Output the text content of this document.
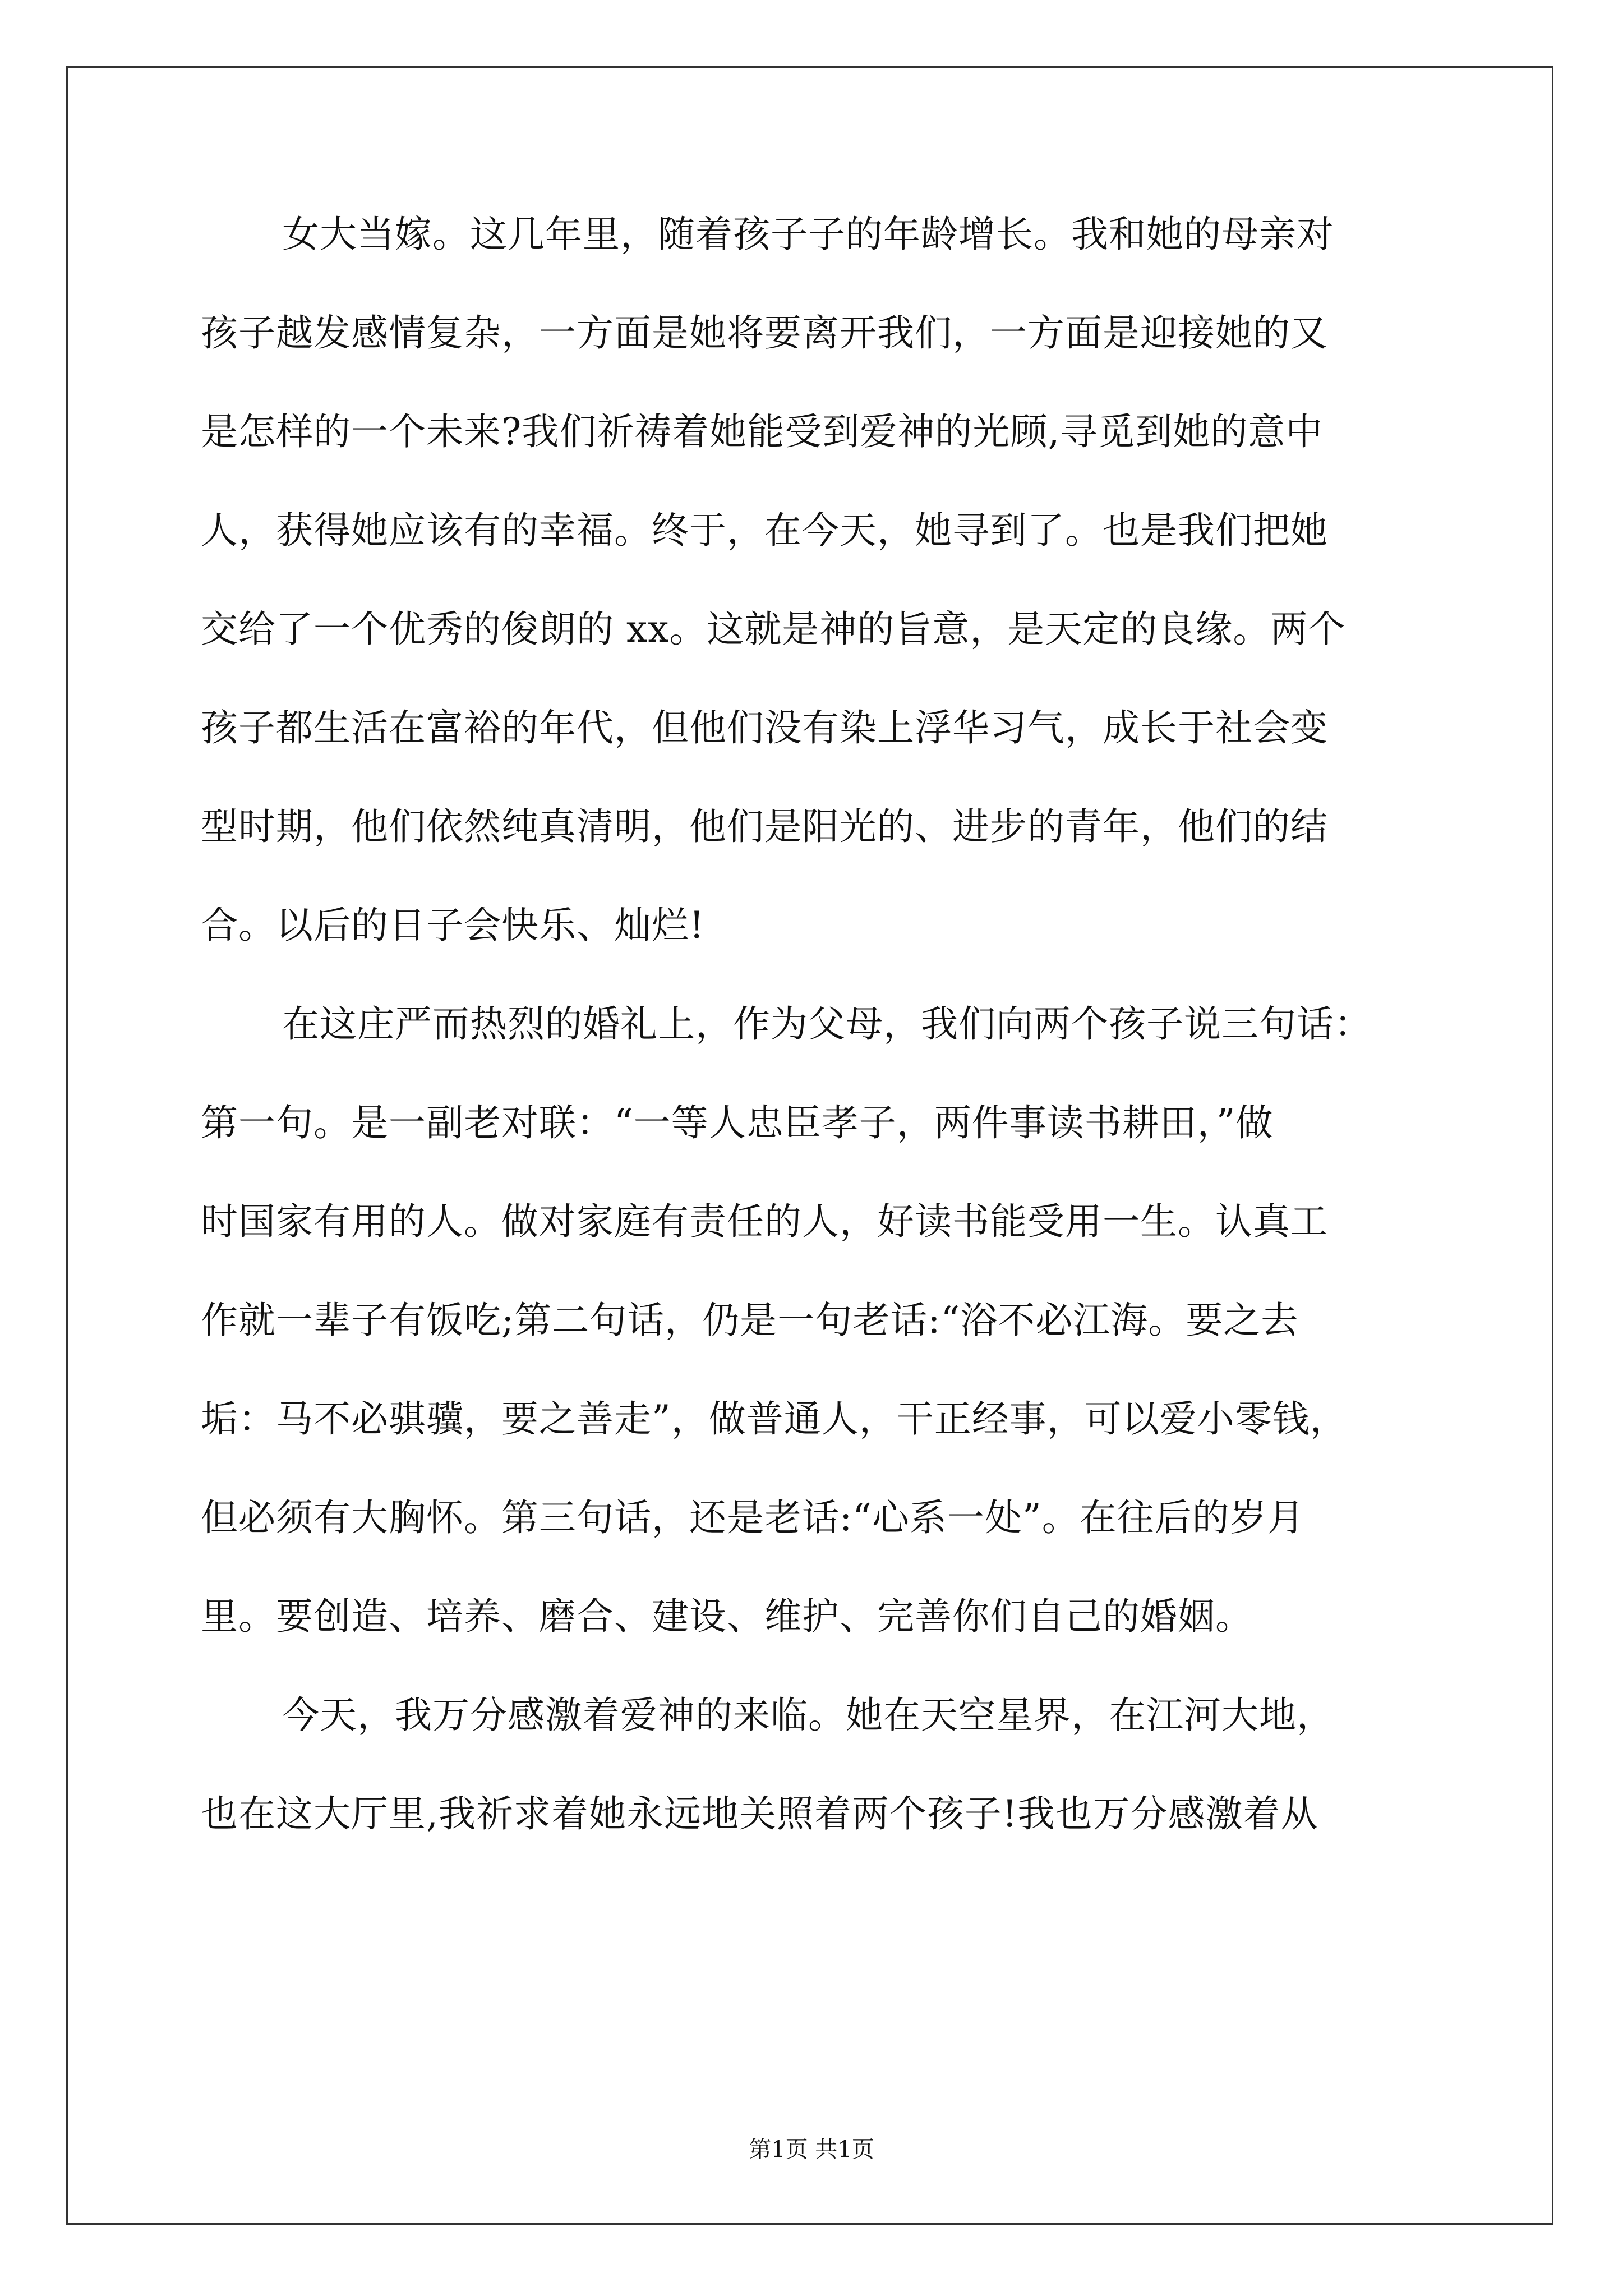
女大当嫁。这几年里，随着孩子子的年龄增长。我和她的母亲对
孩子越发感情复杂，一方面是她将要离开我们，一方面是迎接她的又
是怎样的一个未来?我们祈祷着她能受到爱神的光顾,寻觅到她的意中
人，获得她应该有的幸福。终于，在今天，她寻到了。也是我们把她
交给了一个优秀的俊朗的 xx。这就是神的旨意，是天定的良缘。两个
孩子都生活在富裕的年代，但他们没有染上浮华习气，成长于社会变
型时期，他们依然纯真清明，他们是阳光的、进步的青年，他们的结
合。以后的日子会快乐、灿烂!
在这庄严而热烈的婚礼上，作为父母，我们向两个孩子说三句话：
第一句。是一副老对联：“一等人忠臣孝子，两件事读书耕田，”做
时国家有用的人。做对家庭有责任的人，好读书能受用一生。认真工
作就一辈子有饭吃;第二句话，仍是一句老话:“浴不必江海。要之去
垢：马不必骐骥，要之善走”，做普通人，干正经事，可以爱小零钱，
但必须有大胸怀。第三句话，还是老话:“心系一处”。在往后的岁月
里。要创造、培养、磨合、建设、维护、完善你们自己的婚姻。
今天，我万分感激着爱神的来临。她在天空星界，在江河大地，
也在这大厅里,我祈求着她永远地关照着两个孩子!我也万分感激着从
第1页 共1页
